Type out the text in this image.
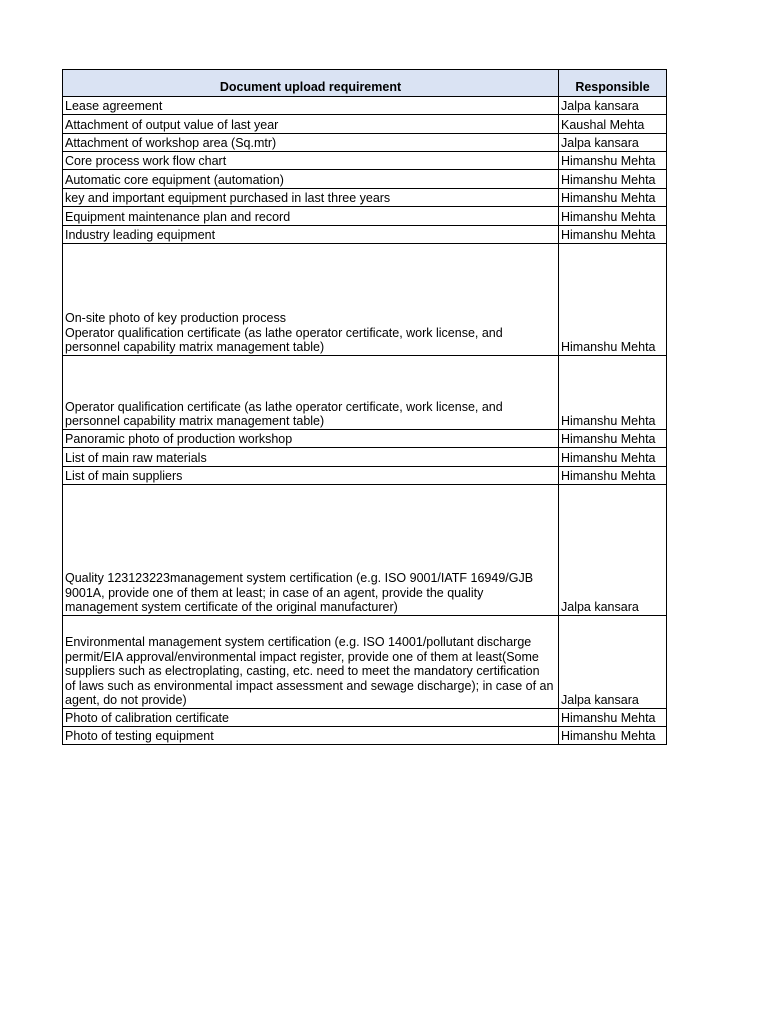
Document upload requirement	Responsible
Lease agreement	Jalpa kansara
Attachment of output value of last year	Kaushal Mehta
Attachment of workshop area (Sq.mtr)	Jalpa kansara
Core process work flow chart	Himanshu Mehta
Automatic core equipment (automation)	Himanshu Mehta
key and important equipment purchased in last three years	Himanshu Mehta
Equipment maintenance plan and record	Himanshu Mehta
Industry leading equipment	Himanshu Mehta
On-site photo of key production process
Operator qualification certificate (as lathe operator certificate, work license, and
personnel capability matrix management table)	Himanshu Mehta
Operator qualification certificate (as lathe operator certificate, work license, and
personnel capability matrix management table)	Himanshu Mehta
Panoramic photo of production workshop	Himanshu Mehta
List of main raw materials	Himanshu Mehta
List of main suppliers	Himanshu Mehta
Quality 123123223management system certification (e.g. ISO 9001/IATF 16949/GJB
9001A, provide one of them at least; in case of an agent, provide the quality
management system certificate of the original manufacturer)	Jalpa kansara
Environmental management system certification (e.g. ISO 14001/pollutant discharge
permit/EIA approval/environmental impact register, provide one of them at least(Some
suppliers such as electroplating, casting, etc. need to meet the mandatory certification
of laws such as environmental impact assessment and sewage discharge); in case of an
agent, do not provide)	Jalpa kansara
Photo of calibration certificate	Himanshu Mehta
Photo of testing equipment	Himanshu Mehta
